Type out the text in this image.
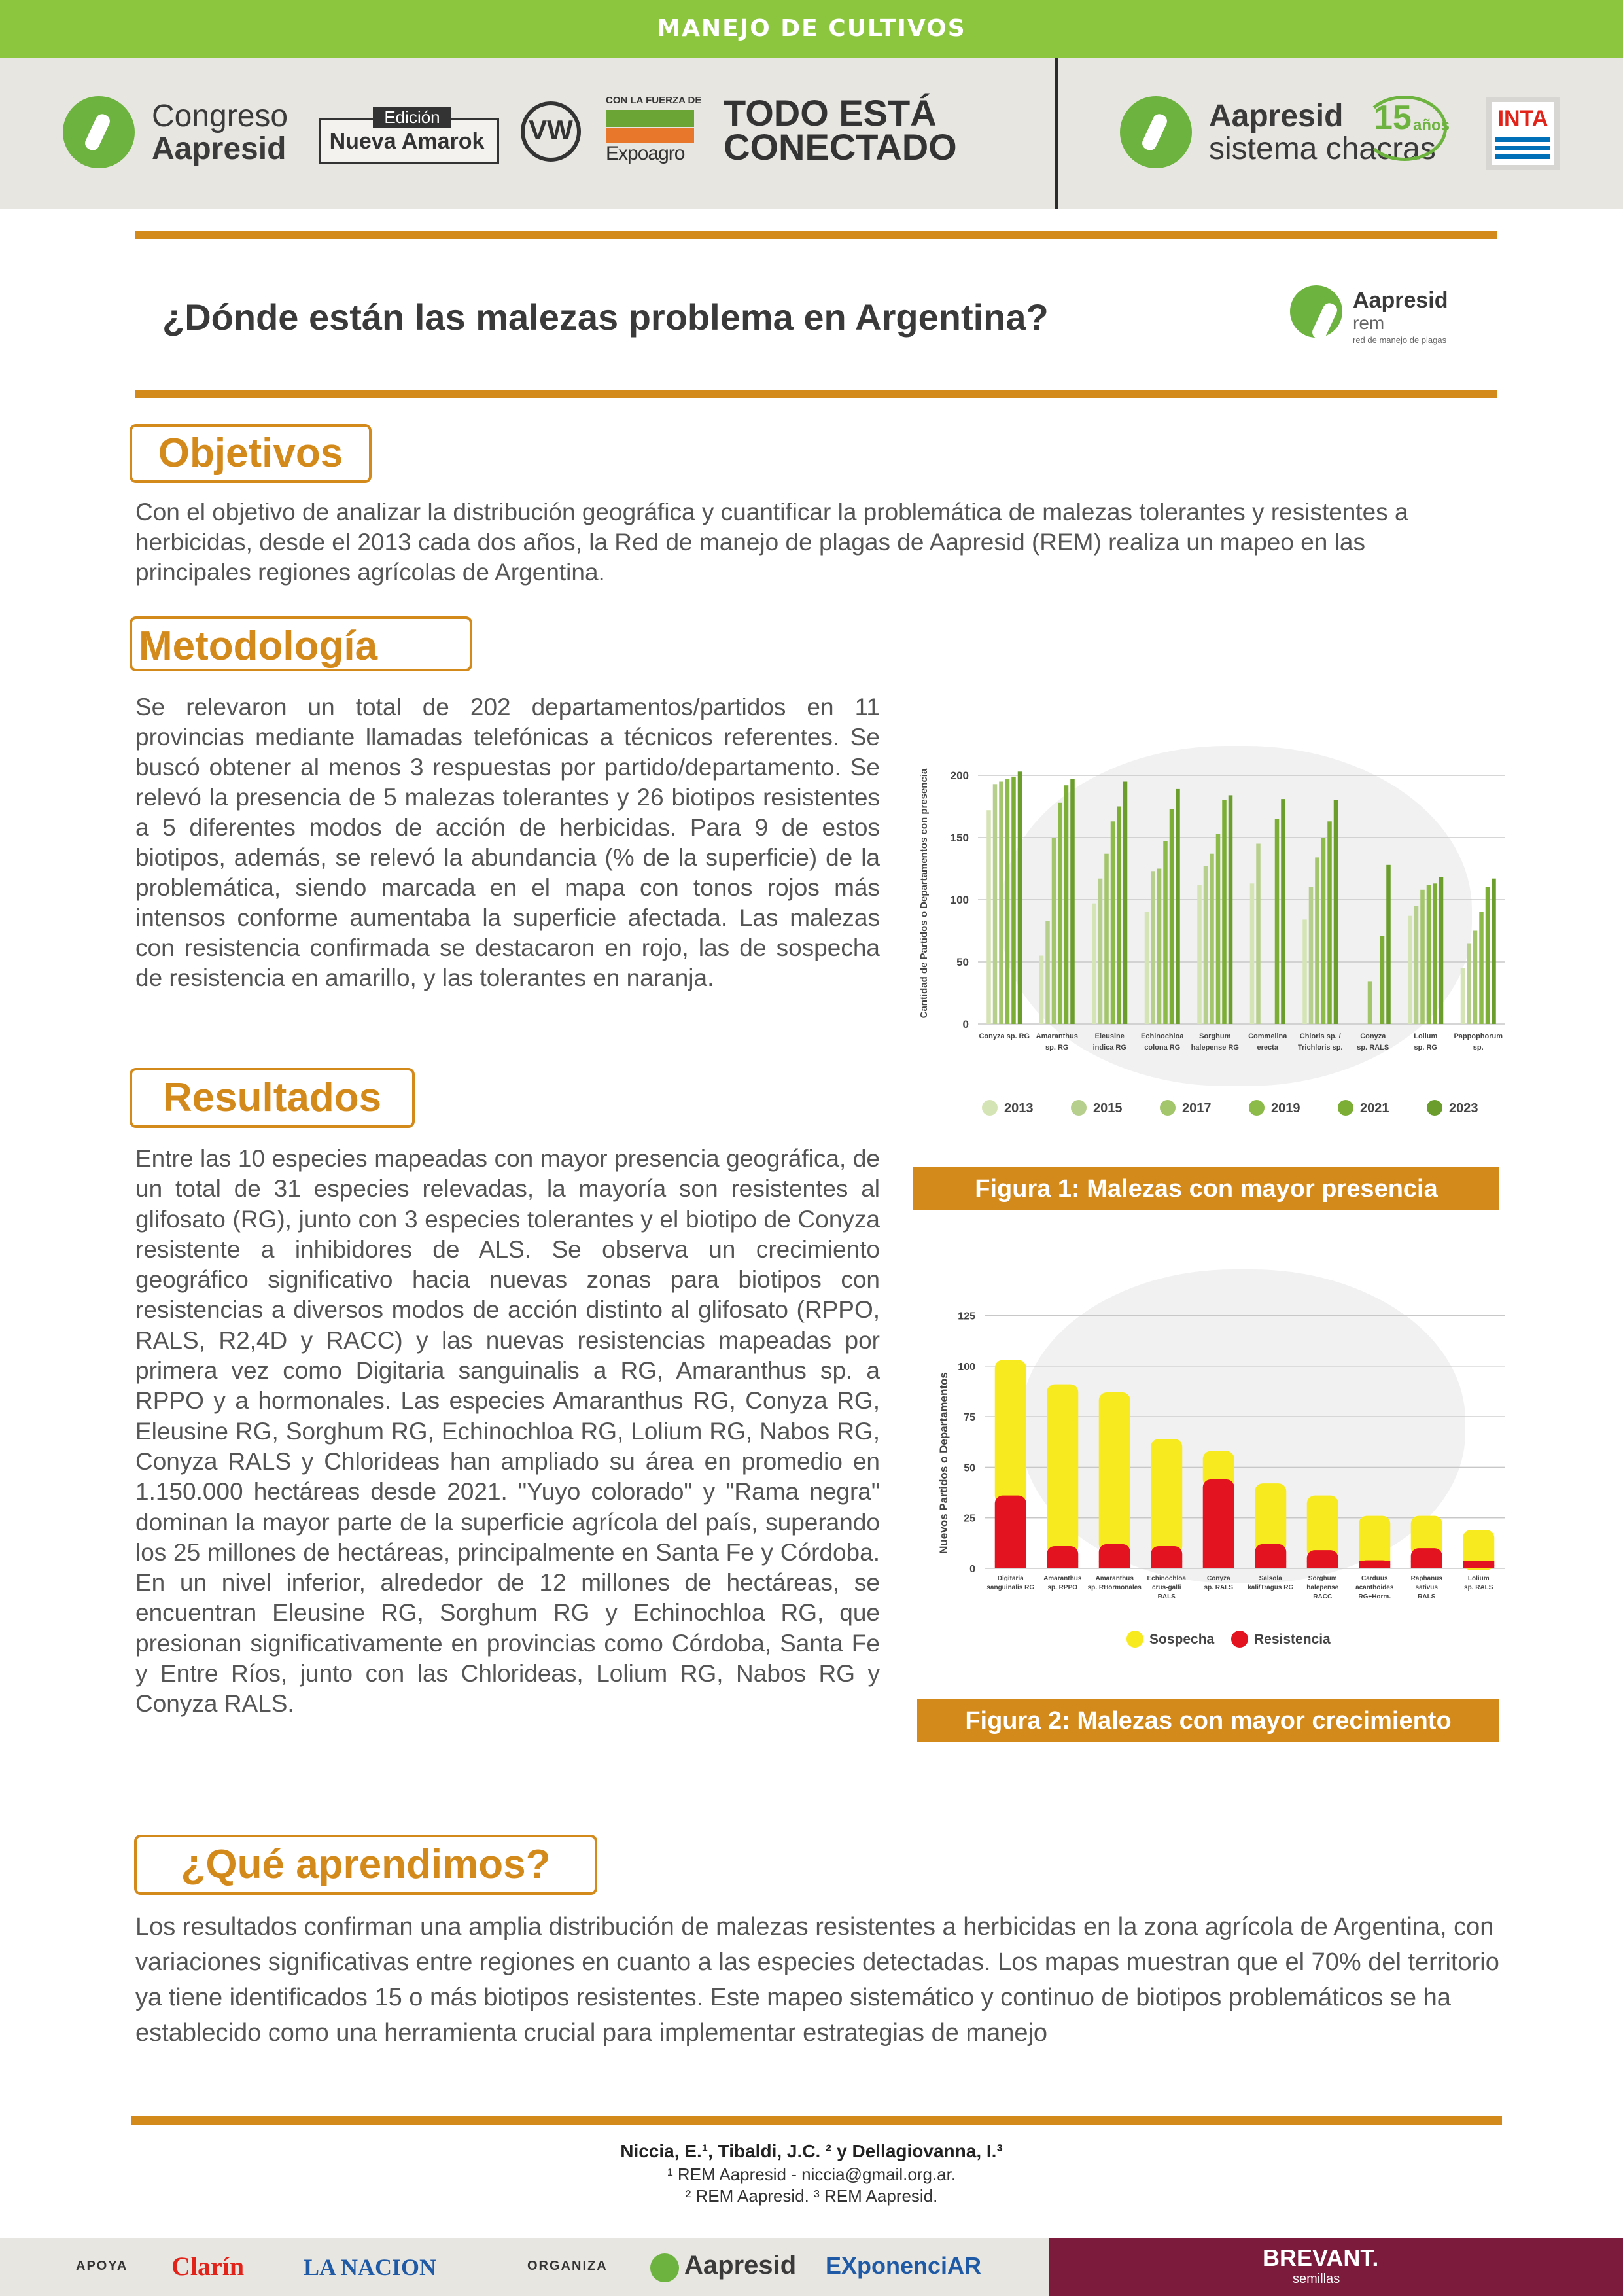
MANEJO DE CULTIVOS
Congreso
Aapresid
Edición
Nueva Amarok	VW
CON LA FUERZA DE
Expoagro
TODO ESTÁ
CONECTADO
Aapresid
sistema chacras
15 años INTA
¿Dónde están las malezas problema en Argentina?	Aapresid
rem
red de manejo de plagas
Objetivos
Con el objetivo de analizar la distribución geográfica y cuantificar la problemática de malezas tolerantes y resistentes a herbicidas, desde el 2013 cada dos años, la Red de manejo de plagas de Aapresid (REM) realiza un mapeo en las principales regiones agrícolas de Argentina.
Metodología
Se relevaron un total de 202 departamentos/partidos en 11 provincias mediante llamadas telefónicas a técnicos referentes. Se buscó obtener al menos 3 respuestas por partido/departamento. Se relevó la presencia de 5 malezas tolerantes y 26 biotipos resistentes a 5 diferentes modos de acción de herbicidas. Para 9 de estos biotipos, además, se relevó la abundancia (% de la superficie) de la problemática, siendo marcada en el mapa con tonos rojos más intensos conforme aumentaba la superficie afectada. Las malezas con resistencia confirmada se destacaron en rojo, las de sospecha de resistencia en amarillo, y las tolerantes en naranja.
Resultados
Entre las 10 especies mapeadas con mayor presencia geográfica, de un total de 31 especies relevadas, la mayoría son resistentes al glifosato (RG), junto con 3 especies tolerantes y el biotipo de Conyza resistente a inhibidores de ALS. Se observa un crecimiento geográfico significativo hacia nuevas zonas para biotipos con resistencias a diversos modos de acción distinto al glifosato (RPPO, RALS, R2,4D y RACC) y las nuevas resistencias mapeadas por primera vez como Digitaria sanguinalis a RG, Amaranthus sp. a RPPO y a hormonales. Las especies Amaranthus RG, Conyza RG, Eleusine RG, Sorghum RG, Echinochloa RG, Lolium RG, Nabos RG, Conyza RALS y Chlorideas han ampliado su área en promedio en 1.150.000 hectáreas desde 2021. "Yuyo colorado" y "Rama negra" dominan la mayor parte de la superficie agrícola del país, superando los 25 millones de hectáreas, principalmente en Santa Fe y Córdoba. En un nivel inferior, alrededor de 12 millones de hectáreas, se encuentran Eleusine RG, Sorghum RG y Echinochloa RG, que presionan significativamente en provincias como Córdoba, Santa Fe y Entre Ríos, junto con las Chlorideas, Lolium RG, Nabos RG y Conyza RALS.
0
50
100
150
200
Cantidad de Partidos o Departamentos con presencia
Conyza sp. RG Amaranthus
sp. RG
Eleusine
indica RG
Echinochloa
colona RG
Sorghum
halepense RG
Commelina
erecta
Chloris sp. /
Trichloris sp.
Conyza
sp. RALS
Lolium
sp. RG
Pappophorum
sp.
2013	2015	2017	2019	2021	2023
Figura 1: Malezas con mayor presencia
0
25
50
75
100
125
Nuevos Partidos o Departamentos
Digitaria
sanguinalis RG
Amaranthus
sp. RPPO
Amaranthus
sp. RHormonales
Echinochloa
crus-galli
RALS
Conyza
sp. RALS
Salsola
kali/Tragus RG
Sorghum
halepense
RACC
Carduus
acanthoides
RG+Horm.
Raphanus
sativus
RALS
Lolium
sp. RALS
Sospecha	Resistencia
Figura 2: Malezas con mayor crecimiento
¿Qué aprendimos?
Los resultados confirman una amplia distribución de malezas resistentes a herbicidas en la zona agrícola de Argentina, con variaciones significativas entre regiones en cuanto a las especies detectadas. Los mapas muestran que el 70% del territorio ya tiene identificados 15 o más biotipos resistentes. Este mapeo sistemático y continuo de biotipos problemáticos se ha establecido como una herramienta crucial para implementar estrategias de manejo
Niccia, E.¹, Tibaldi, J.C. ² y Dellagiovanna, I.³
¹ REM Aapresid - niccia@gmail.org.ar.
² REM Aapresid. ³ REM Aapresid.
APOYA Clarín	LA NACION	ORGANIZA	Aapresid EXponenciAR	BREVANT.
semillas
